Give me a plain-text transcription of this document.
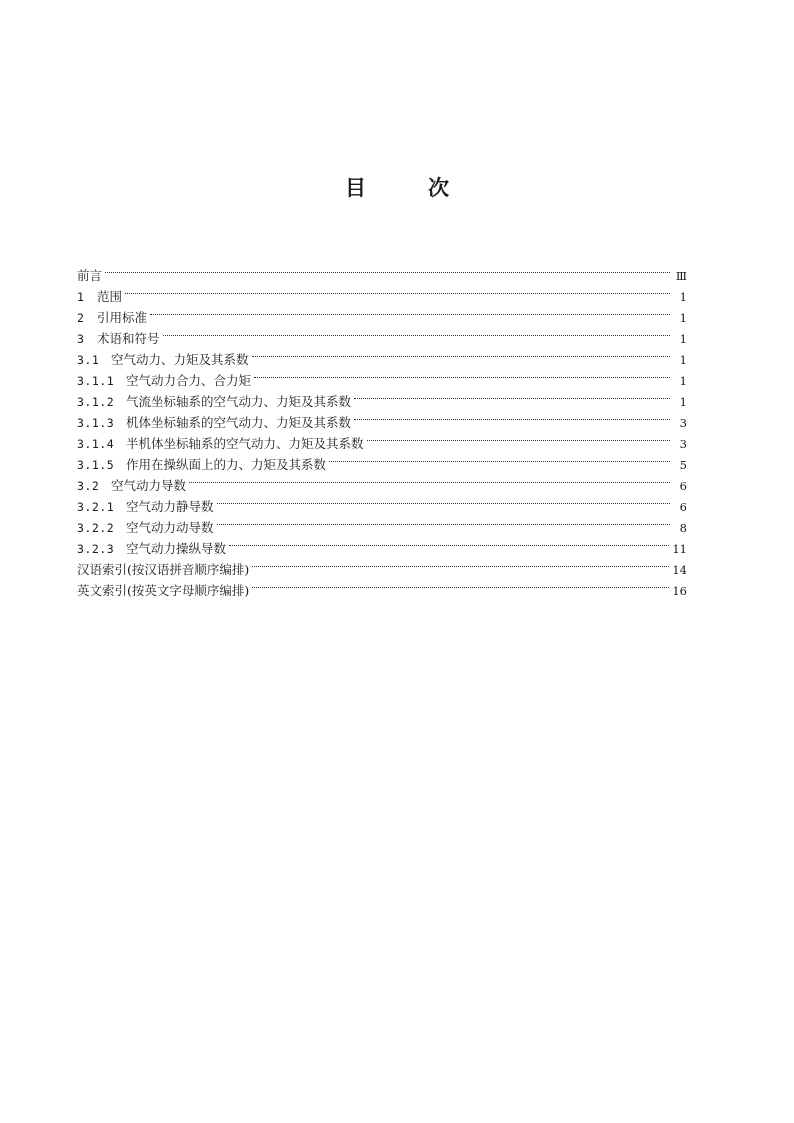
目	次
前言	Ⅲ
1	范围	1
2	引用标准	1
3	术语和符号	1
3.1 空气动力、力矩及其系数	1
3.1.1 空气动力合力、合力矩	1
3.1.2 气流坐标轴系的空气动力、力矩及其系数	1
3.1.3 机体坐标轴系的空气动力、力矩及其系数	3
3.1.4 半机体坐标轴系的空气动力、力矩及其系数	3
3.1.5 作用在操纵面上的力、力矩及其系数	5
3.2 空气动力导数	6
3.2.1 空气动力静导数	6
3.2.2 空气动力动导数	8
3.2.3 空气动力操纵导数	11
汉语索引(按汉语拼音顺序编排)	14
英文索引(按英文字母顺序编排)	16
